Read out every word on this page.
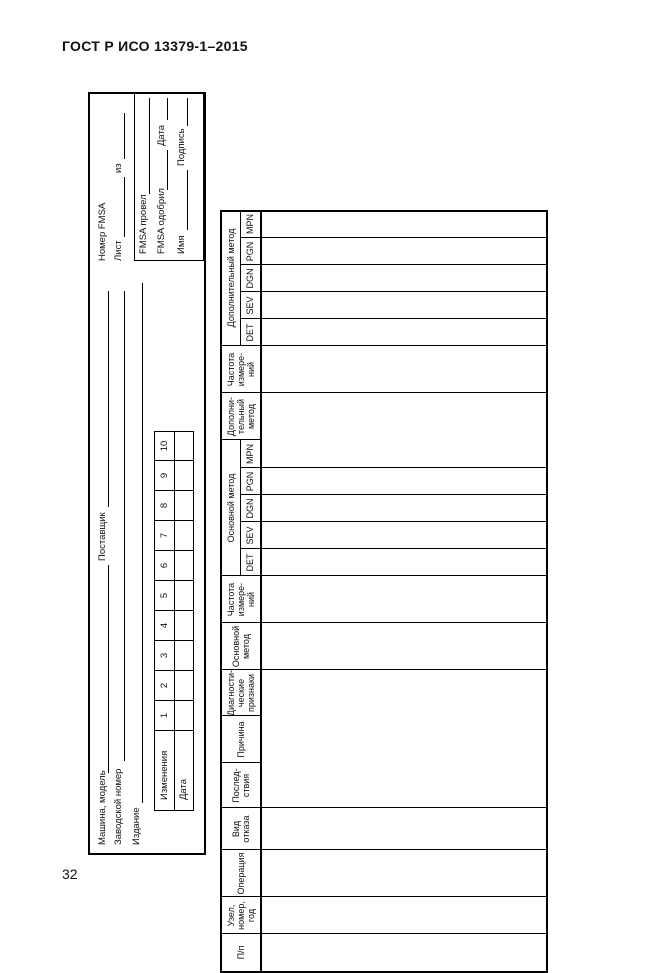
ГОСТ Р ИСО 13379-1–2015
32
Машина, модель
Поставщик
Номер FMSA
Заводской номер
Лист
из
Издание
Изменения
1
2
3
4
5
6
7
8
9
10
Дата
FMSA провел FMSA одобрил
Дата
Имя
Подпись
П/п
Узел, номер, год
Операция
Вид отказа
Послед-ствия
Причина
Диагности-ческие признаки
Основной метод
Частота измере-ний
Основной метод
Дополни-тельный метод
Частота измере-ний
Дополнительный метод
DET
SEV
DGN
PGN
MPN
DET
SEV
DGN
PGN
MPN
